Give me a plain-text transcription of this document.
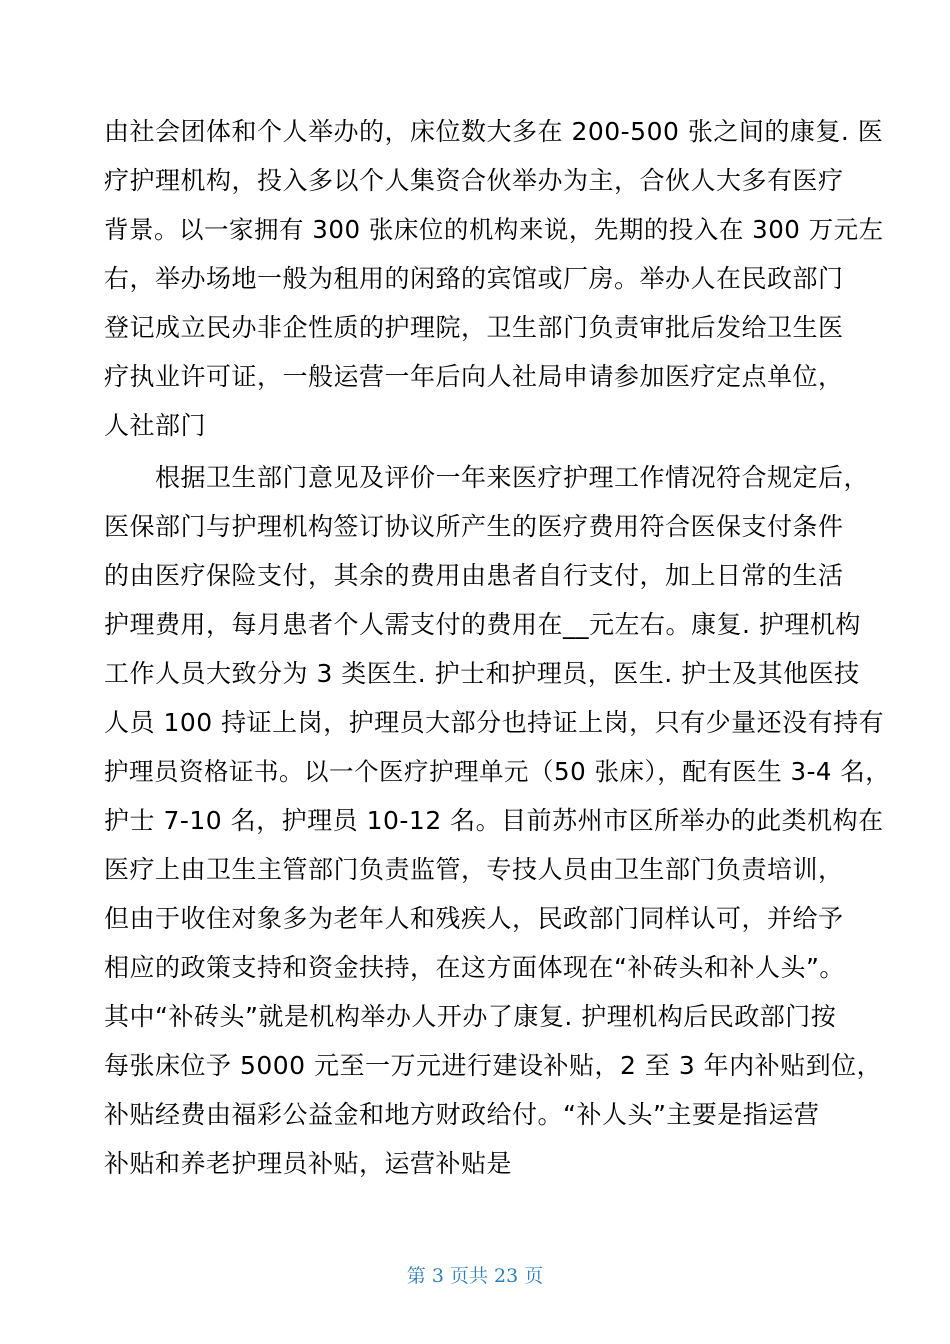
由社会团体和个人举办的，床位数大多在 200-500 张之间的康复. 医
疗护理机构，投入多以个人集资合伙举办为主，合伙人大多有医疗
背景。以一家拥有 300 张床位的机构来说，先期的投入在 300 万元左
右，举办场地一般为租用的闲臵的宾馆或厂房。举办人在民政部门
登记成立民办非企性质的护理院，卫生部门负责审批后发给卫生医
疗执业许可证，一般运营一年后向人社局申请参加医疗定点单位，
人社部门
根据卫生部门意见及评价一年来医疗护理工作情况符合规定后，
医保部门与护理机构签订协议所产生的医疗费用符合医保支付条件
的由医疗保险支付，其余的费用由患者自行支付，加上日常的生活
护理费用，每月患者个人需支付的费用在__元左右。康复. 护理机构
工作人员大致分为 3 类医生. 护士和护理员，医生. 护士及其他医技
人员 100 持证上岗，护理员大部分也持证上岗，只有少量还没有持有
护理员资格证书。以一个医疗护理单元（50 张床），配有医生 3-4 名，
护士 7-10 名，护理员 10-12 名。目前苏州市区所举办的此类机构在
医疗上由卫生主管部门负责监管，专技人员由卫生部门负责培训，
但由于收住对象多为老年人和残疾人，民政部门同样认可，并给予
相应的政策支持和资金扶持，在这方面体现在“补砖头和补人头”。
其中“补砖头”就是机构举办人开办了康复. 护理机构后民政部门按
每张床位予 5000 元至一万元进行建设补贴，2 至 3 年内补贴到位，
补贴经费由福彩公益金和地方财政给付。“补人头”主要是指运营
补贴和养老护理员补贴，运营补贴是
第 3 页共 23 页
